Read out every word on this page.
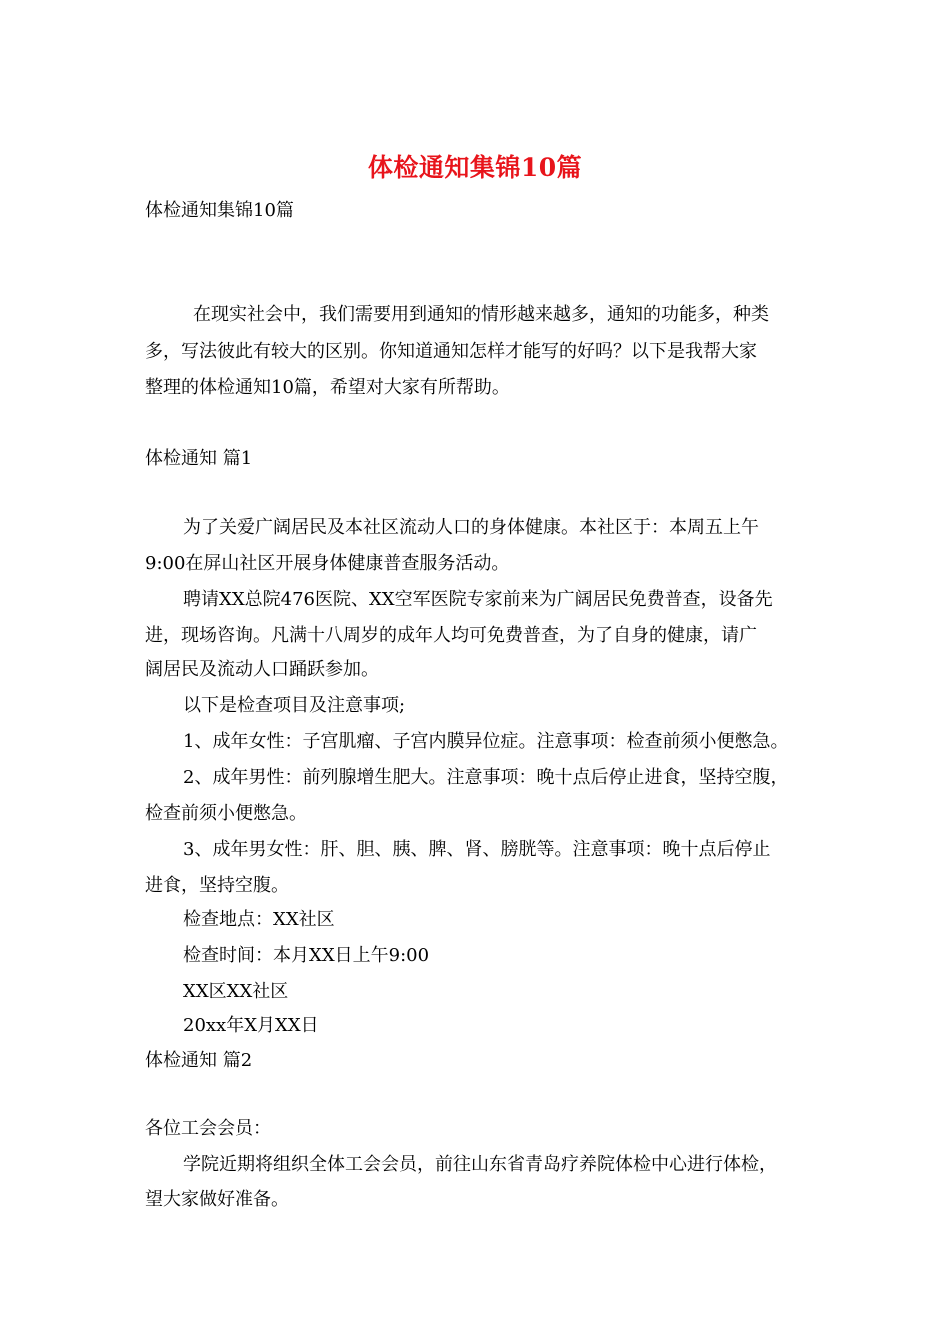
体检通知集锦10篇
体检通知集锦10篇
在现实社会中，我们需要用到通知的情形越来越多，通知的功能多，种类
多，写法彼此有较大的区别。你知道通知怎样才能写的好吗？以下是我帮大家
整理的体检通知10篇，希望对大家有所帮助。
体检通知 篇1
为了关爱广阔居民及本社区流动人口的身体健康。本社区于：本周五上午
9:00在屏山社区开展身体健康普查服务活动。
聘请XX总院476医院、XX空军医院专家前来为广阔居民免费普查，设备先
进，现场咨询。凡满十八周岁的成年人均可免费普查，为了自身的健康，请广
阔居民及流动人口踊跃参加。
以下是检查项目及注意事项;
1、成年女性：子宫肌瘤、子宫内膜异位症。注意事项：检查前须小便憋急。
2、成年男性：前列腺增生肥大。注意事项：晚十点后停止进食，坚持空腹，
检查前须小便憋急。
3、成年男女性：肝、胆、胰、脾、肾、膀胱等。注意事项：晚十点后停止
进食，坚持空腹。
检查地点：XX社区
检查时间：本月XX日上午9:00
XX区XX社区
20xx年X月XX日
体检通知 篇2
各位工会会员：
学院近期将组织全体工会会员，前往山东省青岛疗养院体检中心进行体检，
望大家做好准备。
